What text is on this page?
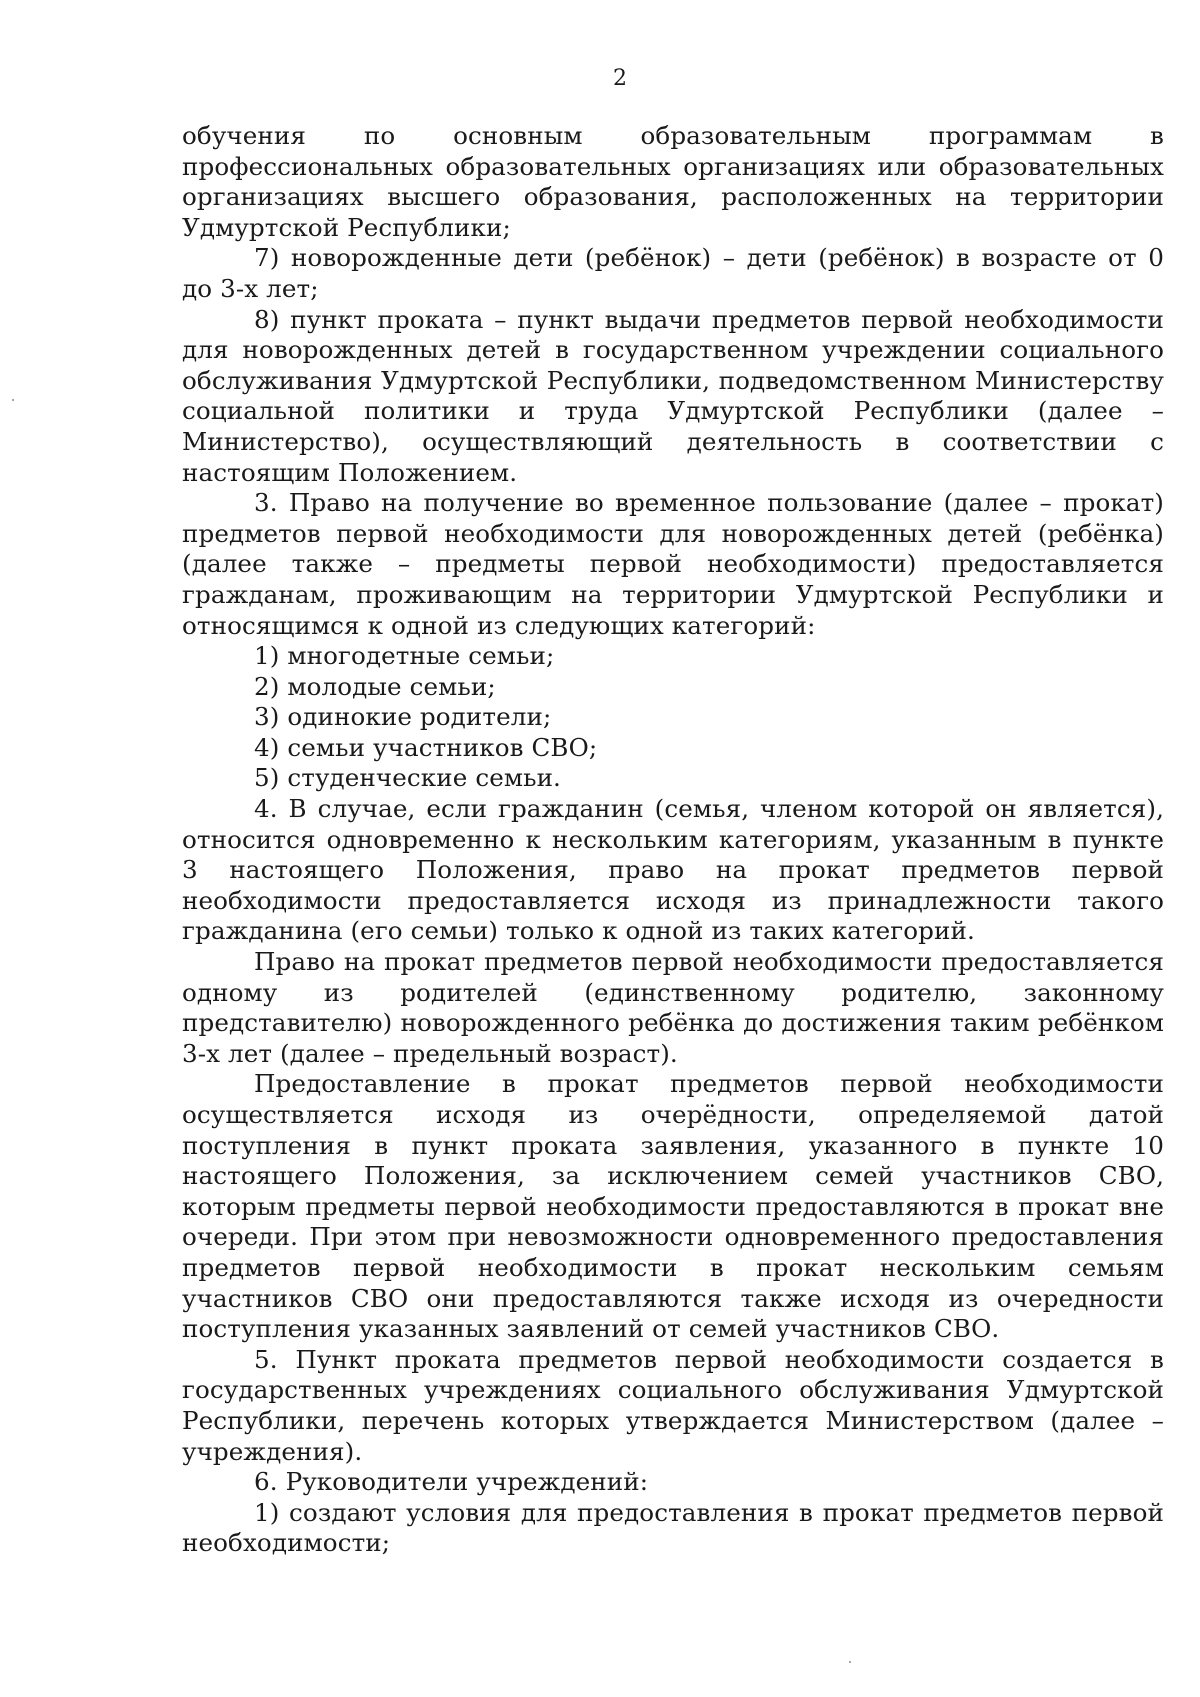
2

обучения по основным образовательным программам в профессиональных образовательных организациях или образовательных организациях высшего образования, расположенных на территории Удмуртской Республики;

7) новорожденные дети (ребёнок) – дети (ребёнок) в возрасте от 0 до 3-х лет;

8) пункт проката – пункт выдачи предметов первой необходимости для новорожденных детей в государственном учреждении социального обслуживания Удмуртской Республики, подведомственном Министерству социальной политики и труда Удмуртской Республики (далее – Министерство), осуществляющий деятельность в соответствии с настоящим Положением.

3. Право на получение во временное пользование (далее – прокат) предметов первой необходимости для новорожденных детей (ребёнка) (далее также – предметы первой необходимости) предоставляется гражданам, проживающим на территории Удмуртской Республики и относящимся к одной из следующих категорий:

1) многодетные семьи;

2) молодые семьи;

3) одинокие родители;

4) семьи участников СВО;

5) студенческие семьи.

4. В случае, если гражданин (семья, членом которой он является), относится одновременно к нескольким категориям, указанным в пункте 3 настоящего Положения, право на прокат предметов первой необходимости предоставляется исходя из принадлежности такого гражданина (его семьи) только к одной из таких категорий.

Право на прокат предметов первой необходимости предоставляется одному из родителей (единственному родителю, законному представителю) новорожденного ребёнка до достижения таким ребёнком 3-х лет (далее – предельный возраст).

Предоставление в прокат предметов первой необходимости осуществляется исходя из очерёдности, определяемой датой поступления в пункт проката заявления, указанного в пункте 10 настоящего Положения, за исключением семей участников СВО, которым предметы первой необходимости предоставляются в прокат вне очереди. При этом при невозможности одновременного предоставления предметов первой необходимости в прокат нескольким семьям участников СВО они предоставляются также исходя из очередности поступления указанных заявлений от семей участников СВО.

5. Пункт проката предметов первой необходимости создается в государственных учреждениях социального обслуживания Удмуртской Республики, перечень которых утверждается Министерством (далее – учреждения).

6. Руководители учреждений:

1) создают условия для предоставления в прокат предметов первой необходимости;
